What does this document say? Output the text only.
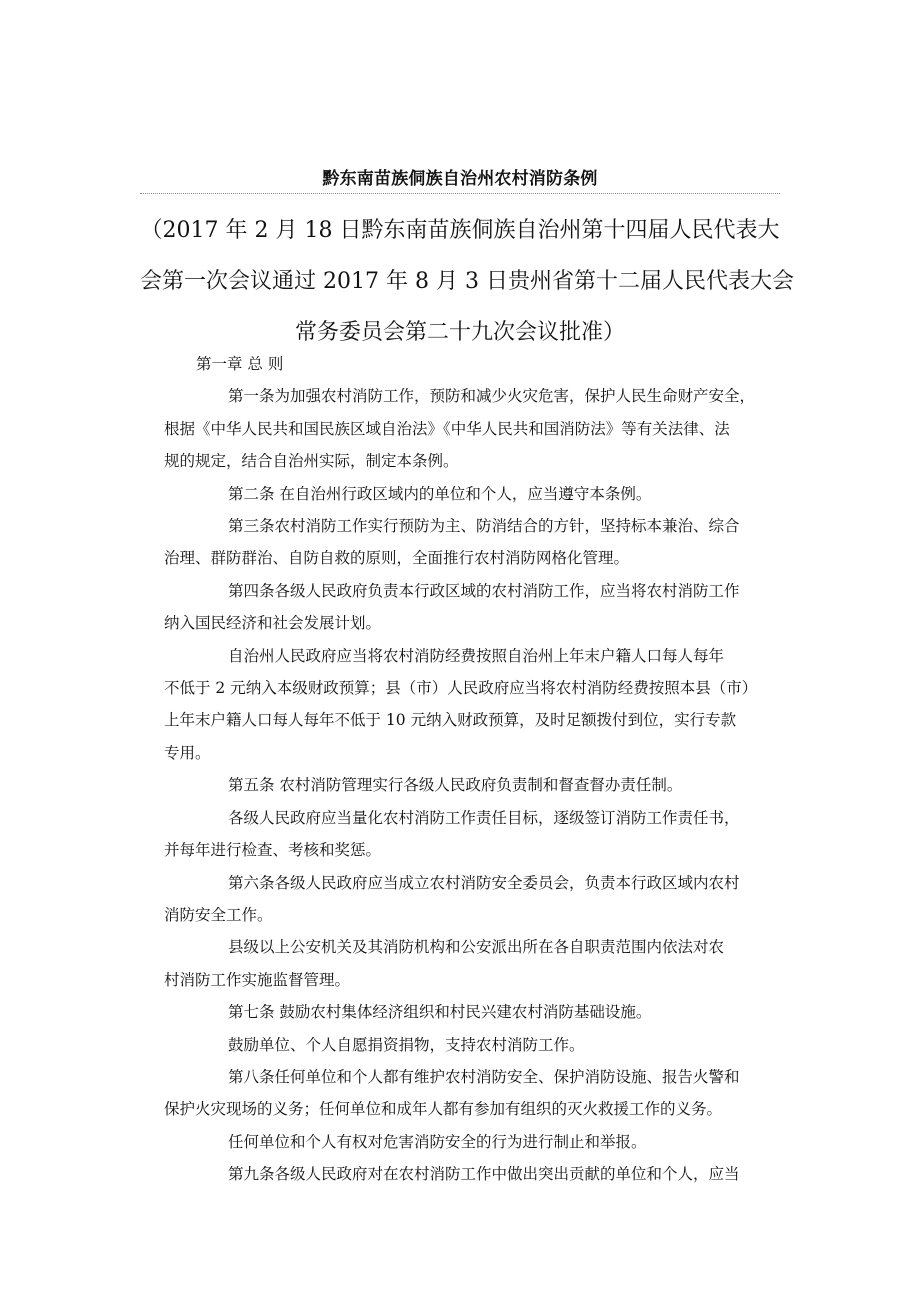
黔东南苗族侗族自治州农村消防条例
（2017 年 2 月 18 日黔东南苗族侗族自治州第十四届人民代表大
会第一次会议通过 2017 年 8 月 3 日贵州省第十二届人民代表大会
常务委员会第二十九次会议批准）
第一章 总 则
第一条为加强农村消防工作，预防和减少火灾危害，保护人民生命财产安全，
根据《中华人民共和国民族区域自治法》《中华人民共和国消防法》等有关法律、法
规的规定，结合自治州实际，制定本条例。
第二条 在自治州行政区域内的单位和个人，应当遵守本条例。
第三条农村消防工作实行预防为主、防消结合的方针，坚持标本兼治、综合
治理、群防群治、自防自救的原则，全面推行农村消防网格化管理。
第四条各级人民政府负责本行政区域的农村消防工作，应当将农村消防工作
纳入国民经济和社会发展计划。
自治州人民政府应当将农村消防经费按照自治州上年末户籍人口每人每年
不低于 2 元纳入本级财政预算；县（市）人民政府应当将农村消防经费按照本县（市）
上年末户籍人口每人每年不低于 10 元纳入财政预算，及时足额拨付到位，实行专款
专用。
第五条 农村消防管理实行各级人民政府负责制和督查督办责任制。
各级人民政府应当量化农村消防工作责任目标，逐级签订消防工作责任书，
并每年进行检查、考核和奖惩。
第六条各级人民政府应当成立农村消防安全委员会，负责本行政区域内农村
消防安全工作。
县级以上公安机关及其消防机构和公安派出所在各自职责范围内依法对农
村消防工作实施监督管理。
第七条 鼓励农村集体经济组织和村民兴建农村消防基础设施。
鼓励单位、个人自愿捐资捐物，支持农村消防工作。
第八条任何单位和个人都有维护农村消防安全、保护消防设施、报告火警和
保护火灾现场的义务；任何单位和成年人都有参加有组织的灭火救援工作的义务。
任何单位和个人有权对危害消防安全的行为进行制止和举报。
第九条各级人民政府对在农村消防工作中做出突出贡献的单位和个人，应当
